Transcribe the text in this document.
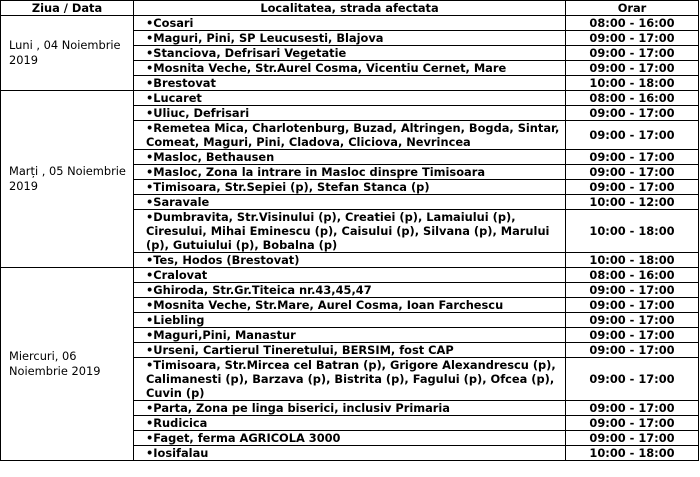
Ziua / Data	Localitatea, strada afectata	Orar
Luni , 04 Noiembrie 2019	•Cosari	08:00 - 16:00
	•Maguri, Pini, SP Leucusesti, Blajova	09:00 - 17:00
	•Stanciova, Defrisari Vegetatie	09:00 - 17:00
	•Mosnita Veche, Str.Aurel Cosma, Vicentiu Cernet, Mare	09:00 - 17:00
	•Brestovat	10:00 - 18:00
Marți , 05 Noiembrie 2019	•Lucaret	08:00 - 16:00
	•Uliuc, Defrisari	09:00 - 17:00
	•Remetea Mica, Charlotenburg, Buzad, Altringen, Bogda, Sintar, Comeat, Maguri, Pini, Cladova, Cliciova, Nevrincea	09:00 - 17:00
	•Masloc, Bethausen	09:00 - 17:00
	•Masloc, Zona la intrare in Masloc dinspre Timisoara	09:00 - 17:00
	•Timisoara, Str.Sepiei (p), Stefan Stanca (p)	09:00 - 17:00
	•Saravale	10:00 - 12:00
	•Dumbravita, Str.Visinului (p), Creatiei (p), Lamaiului (p), Ciresului, Mihai Eminescu (p), Caisului (p), Silvana (p), Marului (p), Gutuiului (p), Bobalna (p)	10:00 - 18:00
	•Tes, Hodos (Brestovat)	10:00 - 18:00
Miercuri, 06 Noiembrie 2019	•Cralovat	08:00 - 16:00
	•Ghiroda, Str.Gr.Titeica nr.43,45,47	09:00 - 17:00
	•Mosnita Veche, Str.Mare, Aurel Cosma, Ioan Farchescu	09:00 - 17:00
	•Liebling	09:00 - 17:00
	•Maguri,Pini, Manastur	09:00 - 17:00
	•Urseni, Cartierul Tineretului, BERSIM, fost CAP	09:00 - 17:00
	•Timisoara, Str.Mircea cel Batran (p), Grigore Alexandrescu (p), Calimanesti (p), Barzava (p), Bistrita (p), Fagului (p), Ofcea (p), Cuvin (p)	09:00 - 17:00
	•Parta, Zona pe linga biserici, inclusiv Primaria	09:00 - 17:00
	•Rudicica	09:00 - 17:00
	•Faget, ferma AGRICOLA 3000	09:00 - 17:00
	•Iosifalau	10:00 - 18:00
